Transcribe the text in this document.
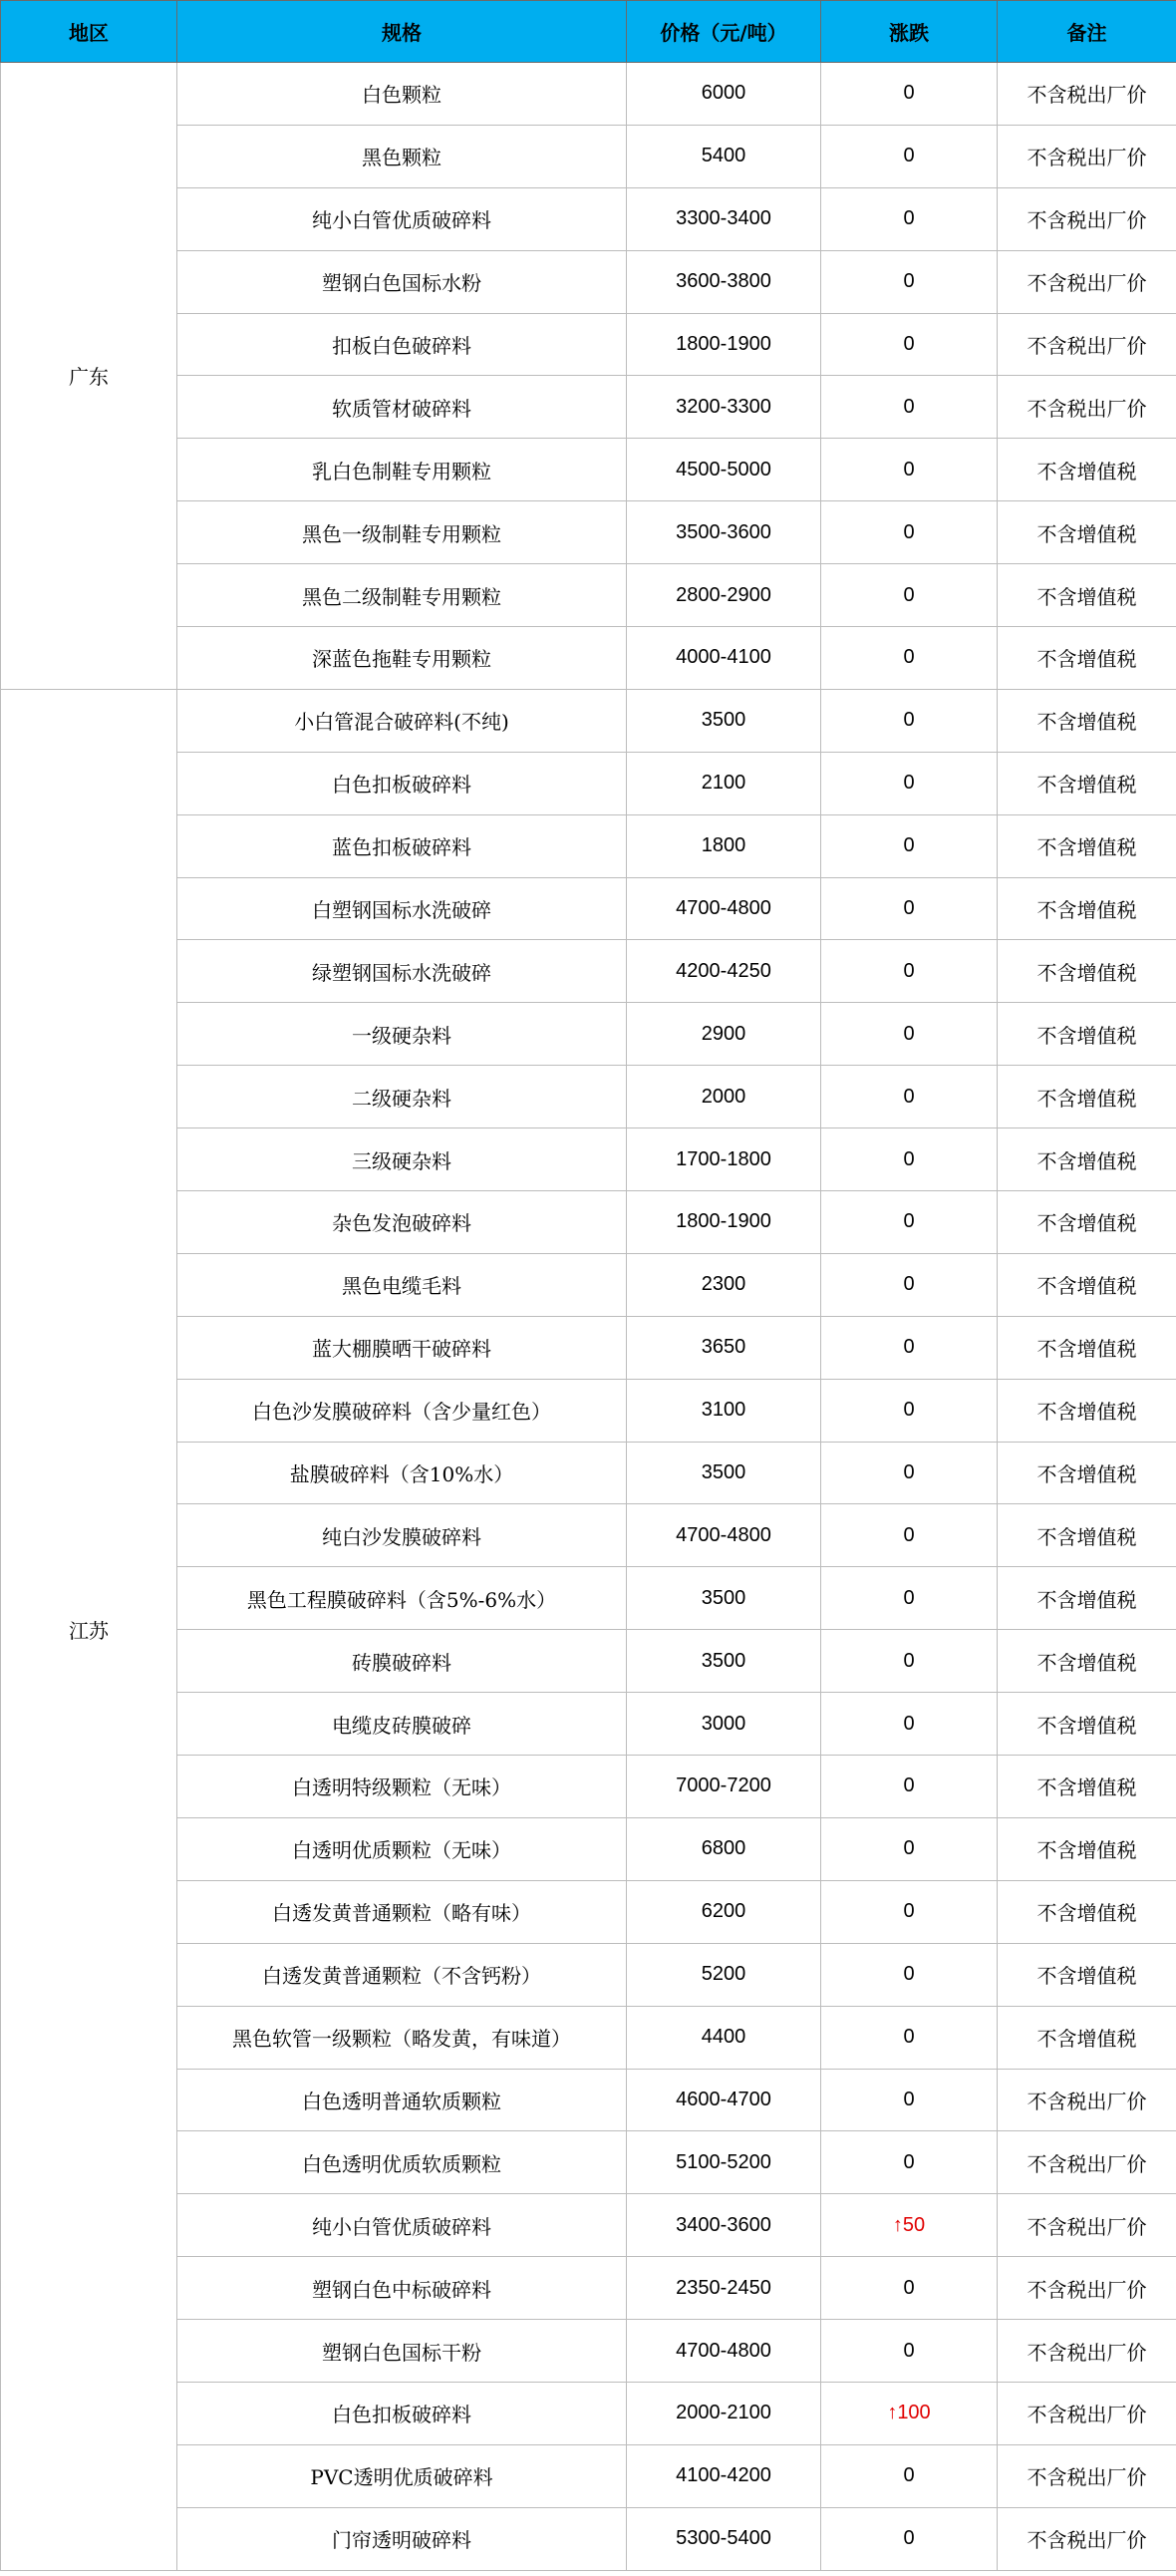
地区	规格	价格（元/吨）	涨跌	备注
广东	白色颗粒	6000	0	不含税出厂价
	黑色颗粒	5400	0	不含税出厂价
	纯小白管优质破碎料	3300-3400	0	不含税出厂价
	塑钢白色国标水粉	3600-3800	0	不含税出厂价
	扣板白色破碎料	1800-1900	0	不含税出厂价
	软质管材破碎料	3200-3300	0	不含税出厂价
	乳白色制鞋专用颗粒	4500-5000	0	不含增值税
	黑色一级制鞋专用颗粒	3500-3600	0	不含增值税
	黑色二级制鞋专用颗粒	2800-2900	0	不含增值税
	深蓝色拖鞋专用颗粒	4000-4100	0	不含增值税
江苏	小白管混合破碎料(不纯)	3500	0	不含增值税
	白色扣板破碎料	2100	0	不含增值税
	蓝色扣板破碎料	1800	0	不含增值税
	白塑钢国标水洗破碎	4700-4800	0	不含增值税
	绿塑钢国标水洗破碎	4200-4250	0	不含增值税
	一级硬杂料	2900	0	不含增值税
	二级硬杂料	2000	0	不含增值税
	三级硬杂料	1700-1800	0	不含增值税
	杂色发泡破碎料	1800-1900	0	不含增值税
	黑色电缆毛料	2300	0	不含增值税
	蓝大棚膜晒干破碎料	3650	0	不含增值税
	白色沙发膜破碎料（含少量红色）	3100	0	不含增值税
	盐膜破碎料（含10%水）	3500	0	不含增值税
	纯白沙发膜破碎料	4700-4800	0	不含增值税
	黑色工程膜破碎料（含5%-6%水）	3500	0	不含增值税
	砖膜破碎料	3500	0	不含增值税
	电缆皮砖膜破碎	3000	0	不含增值税
	白透明特级颗粒（无味）	7000-7200	0	不含增值税
	白透明优质颗粒（无味）	6800	0	不含增值税
	白透发黄普通颗粒（略有味）	6200	0	不含增值税
	白透发黄普通颗粒（不含钙粉）	5200	0	不含增值税
	黑色软管一级颗粒（略发黄，有味道）	4400	0	不含增值税
	白色透明普通软质颗粒	4600-4700	0	不含税出厂价
	白色透明优质软质颗粒	5100-5200	0	不含税出厂价
	纯小白管优质破碎料	3400-3600	↑50	不含税出厂价
	塑钢白色中标破碎料	2350-2450	0	不含税出厂价
	塑钢白色国标干粉	4700-4800	0	不含税出厂价
	白色扣板破碎料	2000-2100	↑100	不含税出厂价
	PVC透明优质破碎料	4100-4200	0	不含税出厂价
	门帘透明破碎料	5300-5400	0	不含税出厂价
